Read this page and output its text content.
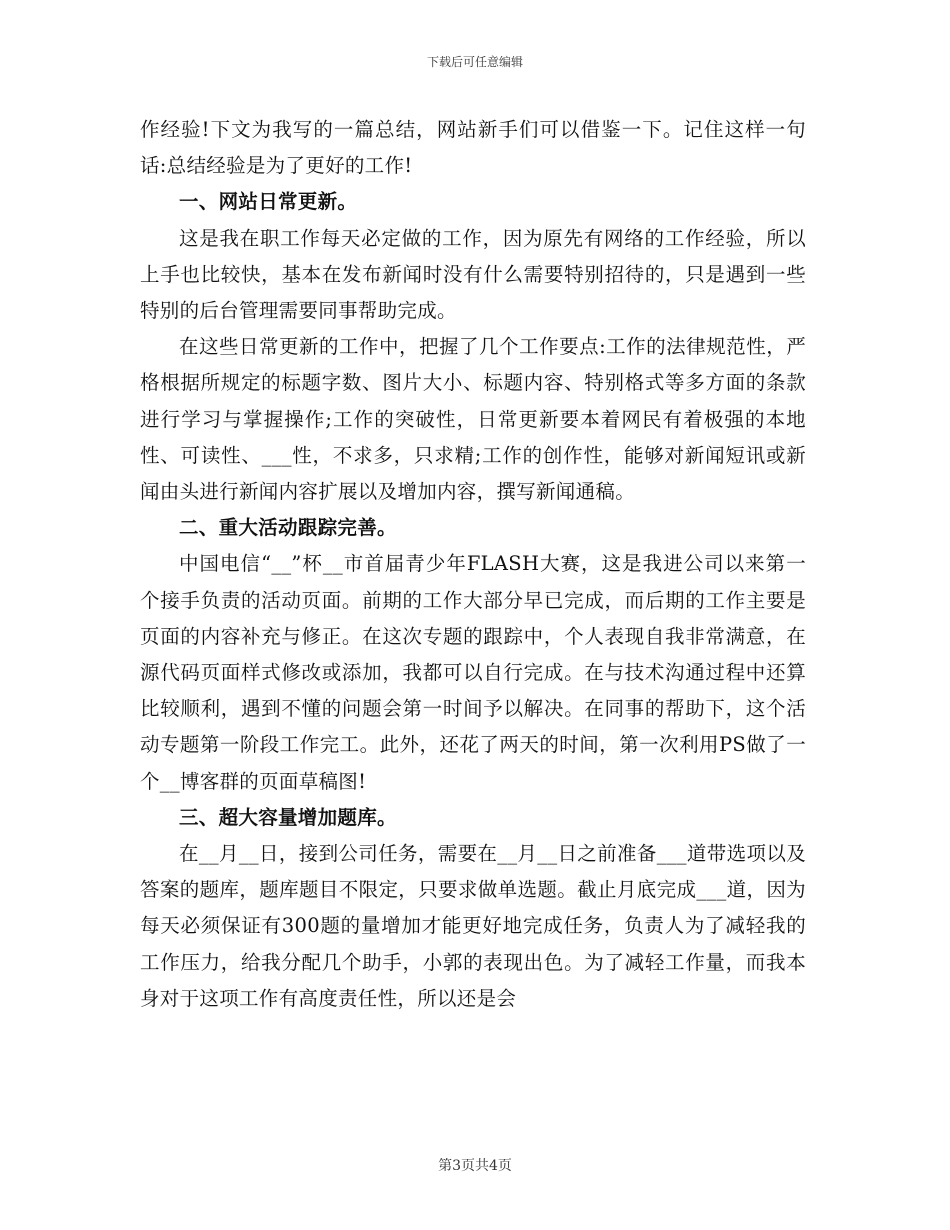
下载后可任意编辑

作经验!下文为我写的一篇总结，网站新手们可以借鉴一下。记住这样一句话:总结经验是为了更好的工作!

一、网站日常更新。

这是我在职工作每天必定做的工作，因为原先有网络的工作经验，所以上手也比较快，基本在发布新闻时没有什么需要特别招待的，只是遇到一些特别的后台管理需要同事帮助完成。

在这些日常更新的工作中，把握了几个工作要点:工作的法律规范性，严格根据所规定的标题字数、图片大小、标题内容、特别格式等多方面的条款进行学习与掌握操作;工作的突破性，日常更新要本着网民有着极强的本地性、可读性、___性，不求多，只求精;工作的创作性，能够对新闻短讯或新闻由头进行新闻内容扩展以及增加内容，撰写新闻通稿。

二、重大活动跟踪完善。

中国电信“__”杯__市首届青少年FLASH大赛，这是我进公司以来第一个接手负责的活动页面。前期的工作大部分早已完成，而后期的工作主要是页面的内容补充与修正。在这次专题的跟踪中，个人表现自我非常满意，在源代码页面样式修改或添加，我都可以自行完成。在与技术沟通过程中还算比较顺利，遇到不懂的问题会第一时间予以解决。在同事的帮助下，这个活动专题第一阶段工作完工。此外，还花了两天的时间，第一次利用PS做了一个__博客群的页面草稿图!

三、超大容量增加题库。

在__月__日，接到公司任务，需要在__月__日之前准备___道带选项以及答案的题库，题库题目不限定，只要求做单选题。截止月底完成___道，因为每天必须保证有300题的量增加才能更好地完成任务，负责人为了减轻我的工作压力，给我分配几个助手，小郭的表现出色。为了减轻工作量，而我本身对于这项工作有高度责任性，所以还是会

第3页共4页
